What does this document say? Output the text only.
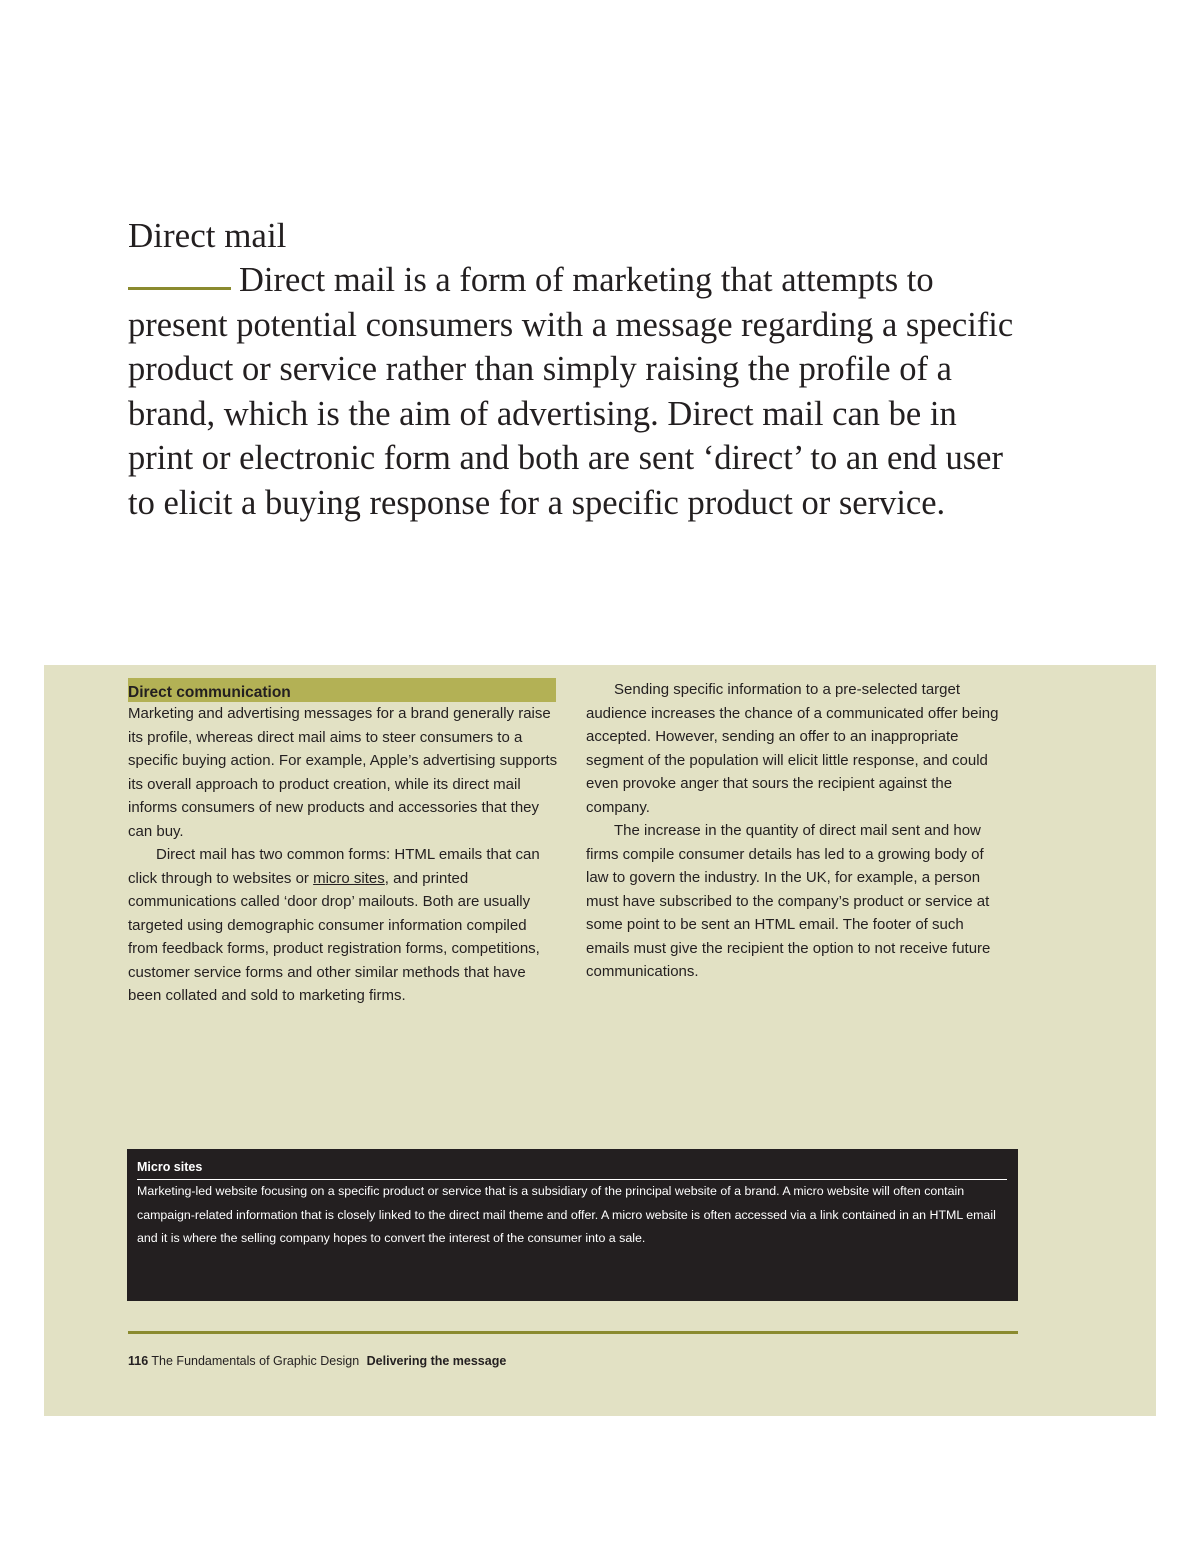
Direct mail

Direct mail is a form of marketing that attempts to present potential consumers with a message regarding a specific product or service rather than simply raising the profile of a brand, which is the aim of advertising. Direct mail can be in print or electronic form and both are sent ‘direct’ to an end user to elicit a buying response for a specific product or service.

Direct communication

Marketing and advertising messages for a brand generally raise its profile, whereas direct mail aims to steer consumers to a specific buying action. For example, Apple’s advertising supports its overall approach to product creation, while its direct mail informs consumers of new products and accessories that they can buy.

Direct mail has two common forms: HTML emails that can click through to websites or micro sites, and printed communications called ‘door drop’ mailouts. Both are usually targeted using demographic consumer information compiled from feedback forms, product registration forms, competitions, customer service forms and other similar methods that have been collated and sold to marketing firms.

Sending specific information to a pre-selected target audience increases the chance of a communicated offer being accepted. However, sending an offer to an inappropriate segment of the population will elicit little response, and could even provoke anger that sours the recipient against the company.

The increase in the quantity of direct mail sent and how firms compile consumer details has led to a growing body of law to govern the industry. In the UK, for example, a person must have subscribed to the company’s product or service at some point to be sent an HTML email. The footer of such emails must give the recipient the option to not receive future communications.

Micro sites

Marketing-led website focusing on a specific product or service that is a subsidiary of the principal website of a brand. A micro website will often contain campaign-related information that is closely linked to the direct mail theme and offer. A micro website is often accessed via a link contained in an HTML email and it is where the selling company hopes to convert the interest of the consumer into a sale.

116 The Fundamentals of Graphic Design Delivering the message
